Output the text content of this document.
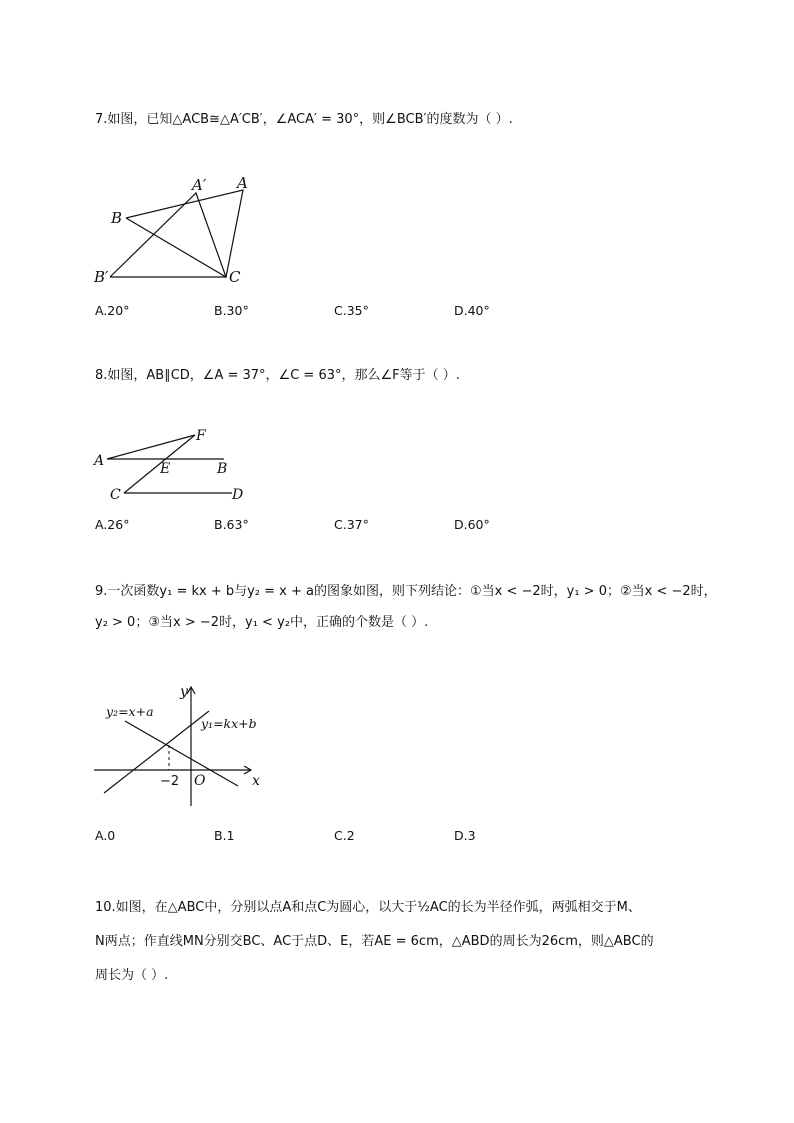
7.如图，已知△ACB≅△A′CB′，∠ACA′ = 30°，则∠BCB′的度数为（ ）.
A′ A
B
B′	C
A.20°	B.30°	C.35°	D.40°
8.如图，AB∥CD，∠A = 37°，∠C = 63°，那么∠F等于（ ）.
F
A	E	B
C	D
A.26°	B.63°	C.37°	D.60°
9.一次函数y₁ = kx + b与y₂ = x + a的图象如图，则下列结论：①当x < −2时，y₁ > 0；②当x < −2时，
y₂ > 0；③当x > −2时，y₁ < y₂中，正确的个数是（ ）.
y
x
y₂=x+a
y₁=kx+b
−2 O
A.0	B.1	C.2	D.3
10.如图，在△ABC中，分别以点A和点C为圆心，以大于½AC的长为半径作弧，两弧相交于M、
N两点；作直线MN分别交BC、AC于点D、E，若AE = 6cm，△ABD的周长为26cm，则△ABC的
周长为（ ）.
